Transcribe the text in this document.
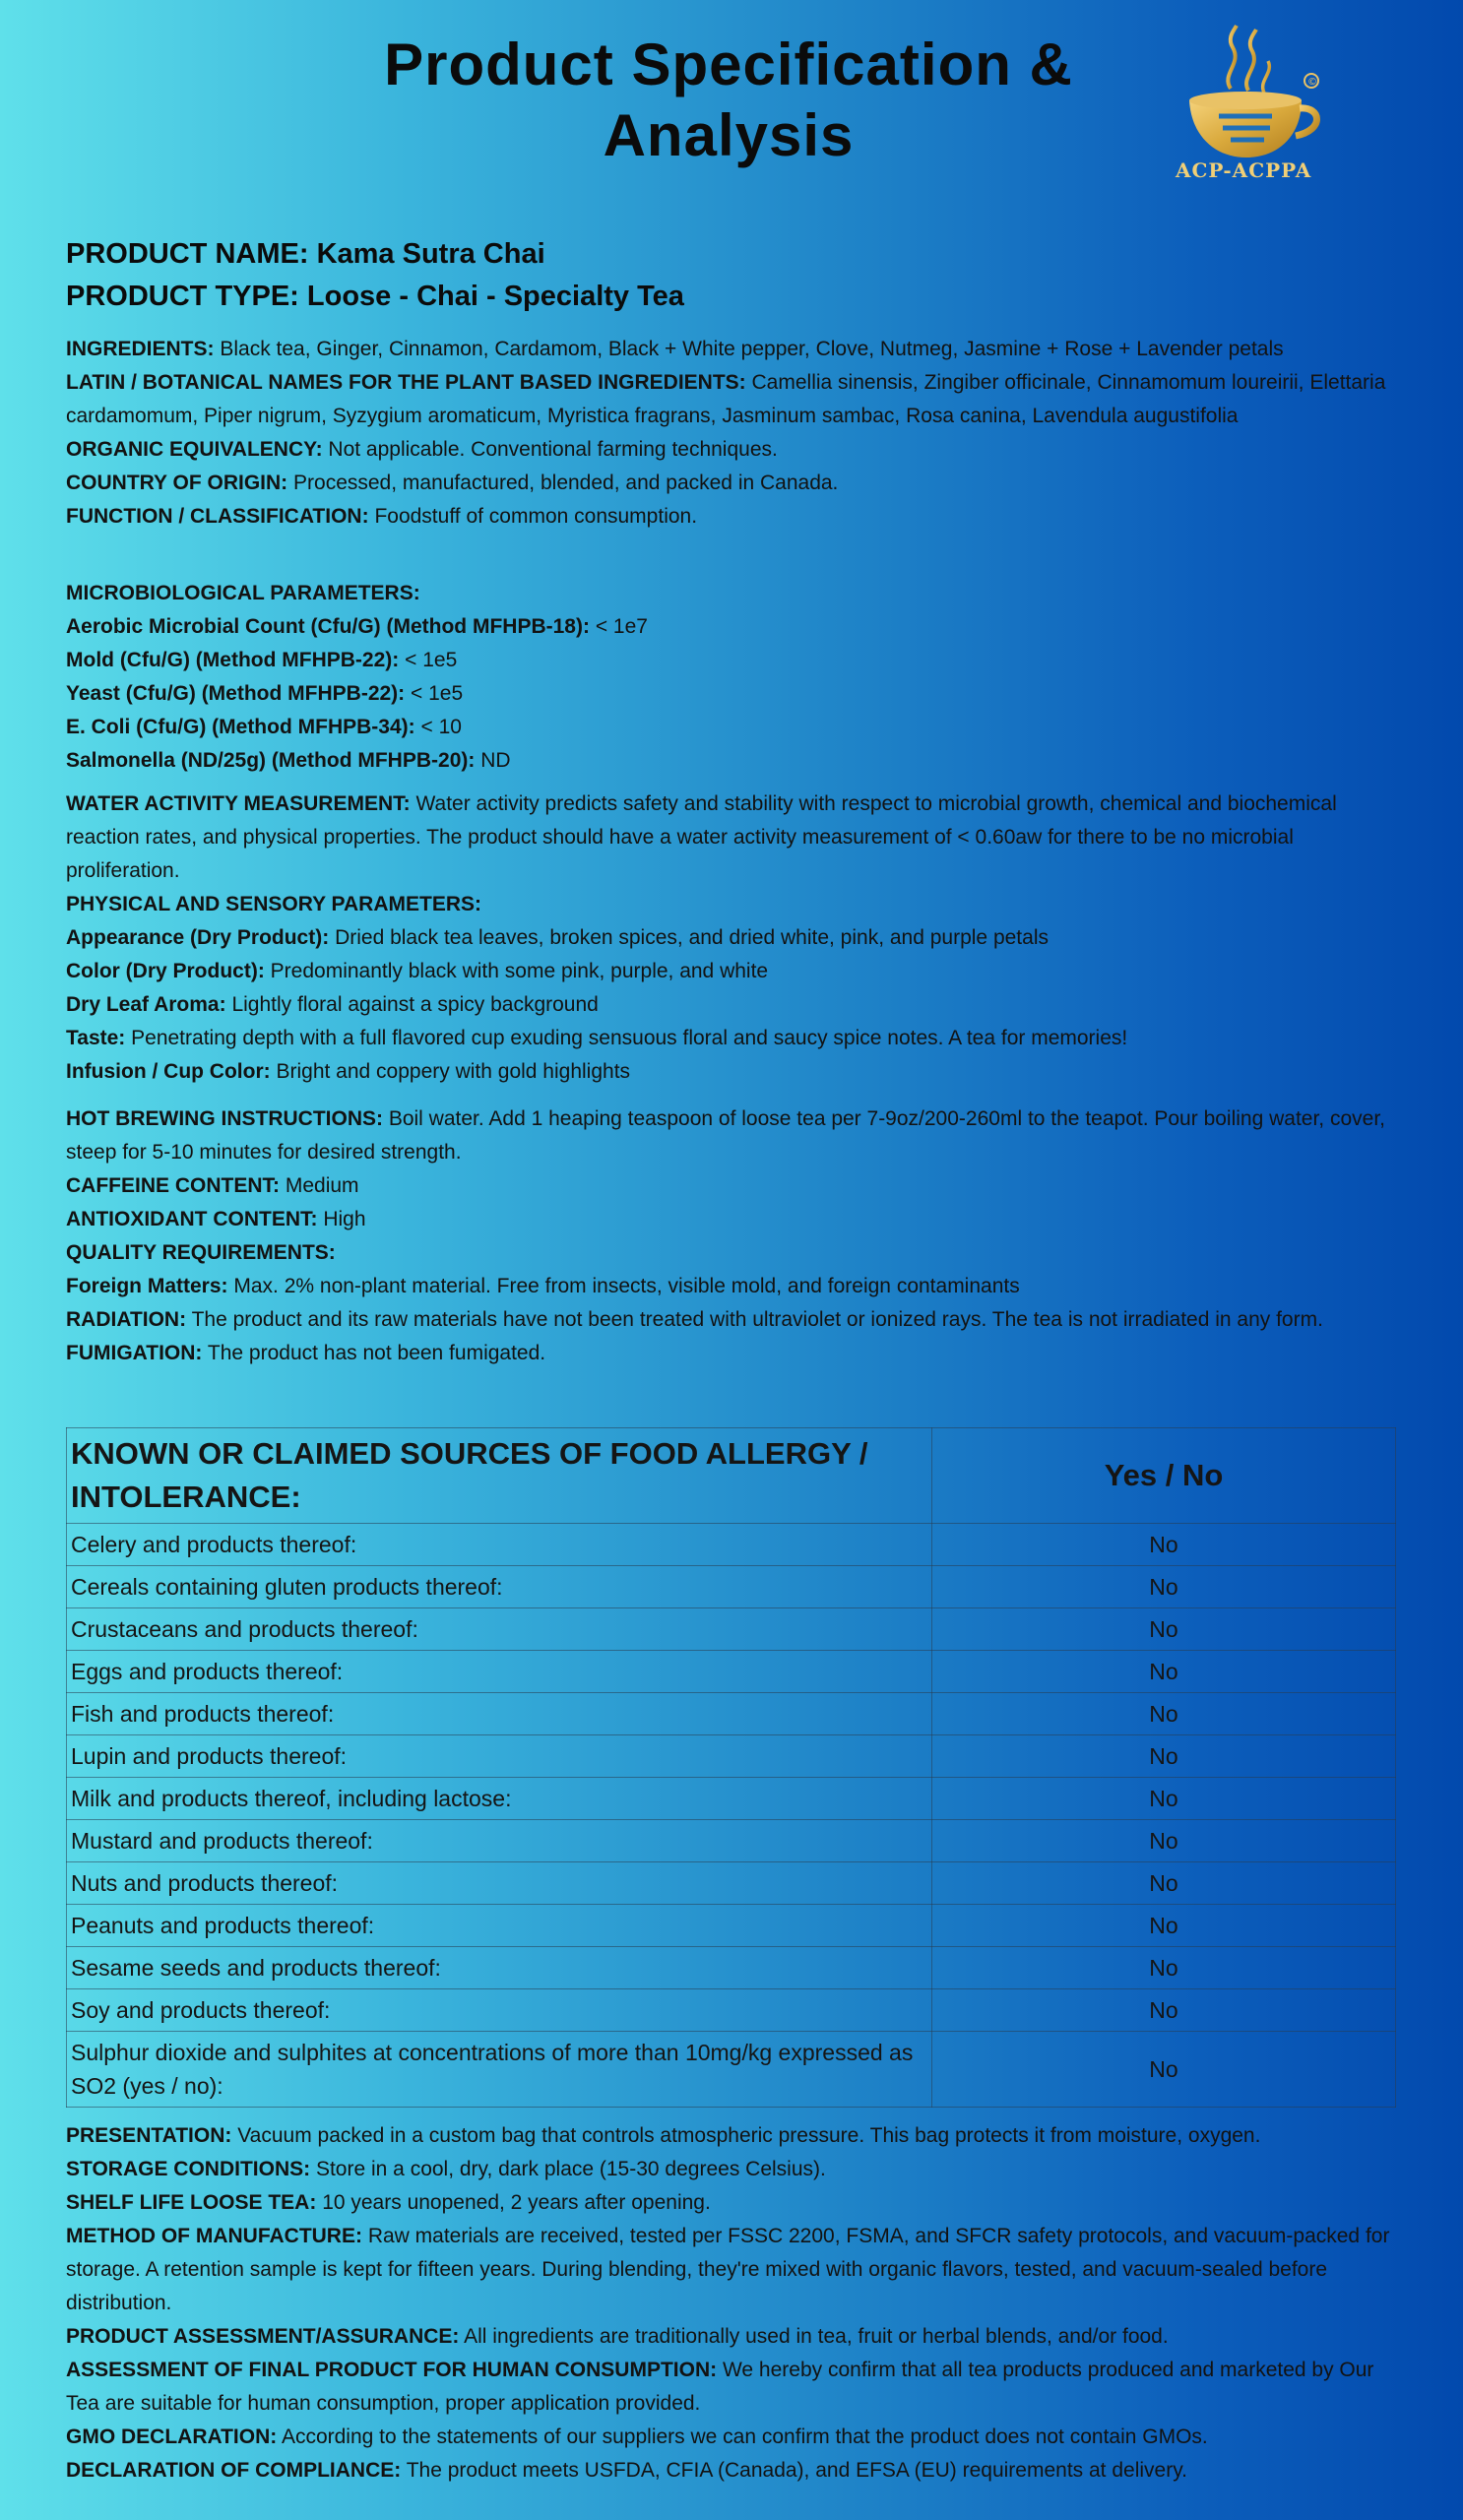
Product Specification &
Analysis
©
ACP-ACPPA
PRODUCT NAME: Kama Sutra Chai
PRODUCT TYPE: Loose - Chai - Specialty Tea

INGREDIENTS: Black tea, Ginger, Cinnamon, Cardamom, Black + White pepper, Clove, Nutmeg, Jasmine + Rose + Lavender petals

LATIN / BOTANICAL NAMES FOR THE PLANT BASED INGREDIENTS: Camellia sinensis, Zingiber officinale, Cinnamomum loureirii, Elettaria cardamomum, Piper nigrum, Syzygium aromaticum, Myristica fragrans, Jasminum sambac, Rosa canina, Lavendula augustifolia

ORGANIC EQUIVALENCY: Not applicable. Conventional farming techniques.

COUNTRY OF ORIGIN: Processed, manufactured, blended, and packed in Canada.

FUNCTION / CLASSIFICATION: Foodstuff of common consumption.

MICROBIOLOGICAL PARAMETERS:

Aerobic Microbial Count (Cfu/G) (Method MFHPB-18): < 1e7

Mold (Cfu/G) (Method MFHPB-22): < 1e5

Yeast (Cfu/G) (Method MFHPB-22): < 1e5

E. Coli (Cfu/G) (Method MFHPB-34): < 10

Salmonella (ND/25g) (Method MFHPB-20): ND

WATER ACTIVITY MEASUREMENT: Water activity predicts safety and stability with respect to microbial growth, chemical and biochemical reaction rates, and physical properties. The product should have a water activity measurement of < 0.60aw for there to be no microbial proliferation.

PHYSICAL AND SENSORY PARAMETERS:

Appearance (Dry Product): Dried black tea leaves, broken spices, and dried white, pink, and purple petals

Color (Dry Product): Predominantly black with some pink, purple, and white

Dry Leaf Aroma: Lightly floral against a spicy background

Taste: Penetrating depth with a full flavored cup exuding sensuous floral and saucy spice notes. A tea for memories!

Infusion / Cup Color: Bright and coppery with gold highlights

HOT BREWING INSTRUCTIONS: Boil water. Add 1 heaping teaspoon of loose tea per 7-9oz/200-260ml to the teapot. Pour boiling water, cover, steep for 5-10 minutes for desired strength.

CAFFEINE CONTENT: Medium

ANTIOXIDANT CONTENT: High

QUALITY REQUIREMENTS:

Foreign Matters: Max. 2% non-plant material. Free from insects, visible mold, and foreign contaminants

RADIATION: The product and its raw materials have not been treated with ultraviolet or ionized rays. The tea is not irradiated in any form.

FUMIGATION: The product has not been fumigated.

KNOWN OR CLAIMED SOURCES OF FOOD ALLERGY / INTOLERANCE:	Yes / No
Celery and products thereof:	No
Cereals containing gluten products thereof:	No
Crustaceans and products thereof:	No
Eggs and products thereof:	No
Fish and products thereof:	No
Lupin and products thereof:	No
Milk and products thereof, including lactose:	No
Mustard and products thereof:	No
Nuts and products thereof:	No
Peanuts and products thereof:	No
Sesame seeds and products thereof:	No
Soy and products thereof:	No
Sulphur dioxide and sulphites at concentrations of more than 10mg/kg expressed as SO2 (yes / no):	No

PRESENTATION: Vacuum packed in a custom bag that controls atmospheric pressure. This bag protects it from moisture, oxygen.

STORAGE CONDITIONS: Store in a cool, dry, dark place (15-30 degrees Celsius).

SHELF LIFE LOOSE TEA: 10 years unopened, 2 years after opening.

METHOD OF MANUFACTURE: Raw materials are received, tested per FSSC 2200, FSMA, and SFCR safety protocols, and vacuum-packed for storage. A retention sample is kept for fifteen years. During blending, they're mixed with organic flavors, tested, and vacuum-sealed before distribution.

PRODUCT ASSESSMENT/ASSURANCE: All ingredients are traditionally used in tea, fruit or herbal blends, and/or food.

ASSESSMENT OF FINAL PRODUCT FOR HUMAN CONSUMPTION: We hereby confirm that all tea products produced and marketed by Our Tea are suitable for human consumption, proper application provided.

GMO DECLARATION: According to the statements of our suppliers we can confirm that the product does not contain GMOs.

DECLARATION OF COMPLIANCE: The product meets USFDA, CFIA (Canada), and EFSA (EU) requirements at delivery.
